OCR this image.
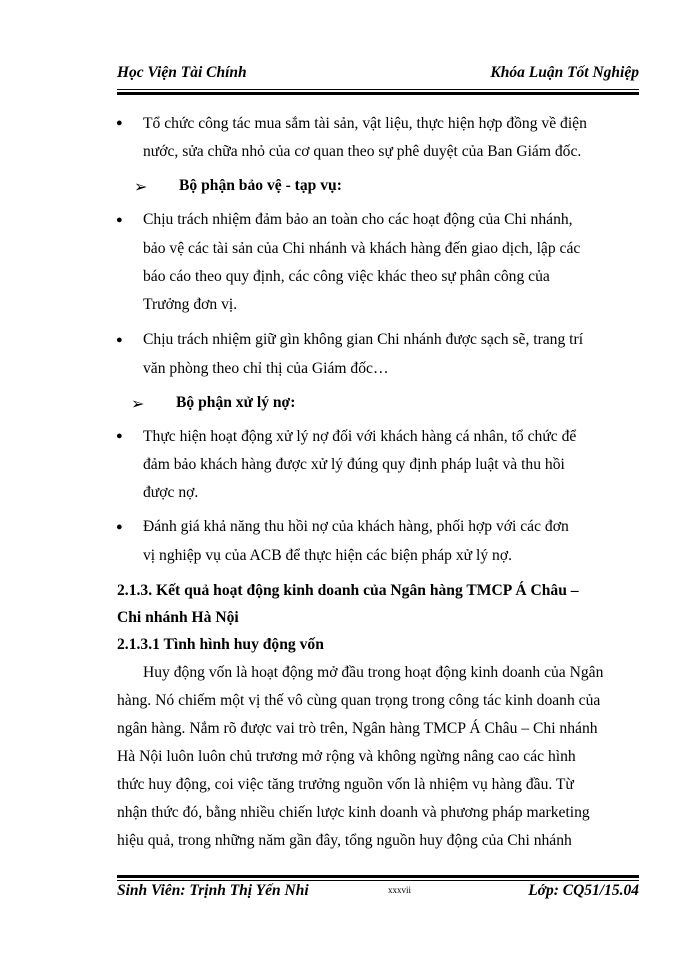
Học Viện Tài Chính	Khóa Luận Tốt Nghiệp
● Tổ chức công tác mua sắm tài sản, vật liệu, thực hiện hợp đồng về điện
nước, sửa chữa nhỏ của cơ quan theo sự phê duyệt của Ban Giám đốc.
➢ Bộ phận bảo vệ - tạp vụ:
● Chịu trách nhiệm đảm bảo an toàn cho các hoạt động của Chi nhánh,
bảo vệ các tài sản của Chi nhánh và khách hàng đến giao dịch, lập các
báo cáo theo quy định, các công việc khác theo sự phân công của
Trưởng đơn vị.
● Chịu trách nhiệm giữ gìn không gian Chi nhánh được sạch sẽ, trang trí
văn phòng theo chỉ thị của Giám đốc…
➢ Bộ phận xử lý nợ:
● Thực hiện hoạt động xử lý nợ đối với khách hàng cá nhân, tổ chức để
đảm bảo khách hàng được xử lý đúng quy định pháp luật và thu hồi
được nợ.
● Đánh giá khả năng thu hồi nợ của khách hàng, phối hợp với các đơn
vị nghiệp vụ của ACB để thực hiện các biện pháp xử lý nợ.
2.1.3. Kết quả hoạt động kinh doanh của Ngân hàng TMCP Á Châu –
Chi nhánh Hà Nội
2.1.3.1 Tình hình huy động vốn
Huy động vốn là hoạt động mở đầu trong hoạt động kinh doanh của Ngân
hàng. Nó chiếm một vị thế vô cùng quan trọng trong công tác kinh doanh của
ngân hàng. Nắm rõ được vai trò trên, Ngân hàng TMCP Á Châu – Chi nhánh
Hà Nội luôn luôn chủ trương mở rộng và không ngừng nâng cao các hình
thức huy động, coi việc tăng trưởng nguồn vốn là nhiệm vụ hàng đầu. Từ
nhận thức đó, bằng nhiều chiến lược kinh doanh và phương pháp marketing
hiệu quả, trong những năm gần đây, tổng nguồn huy động của Chi nhánh
Sinh Viên: Trịnh Thị Yến Nhi	xxxvii	Lớp: CQ51/15.04
